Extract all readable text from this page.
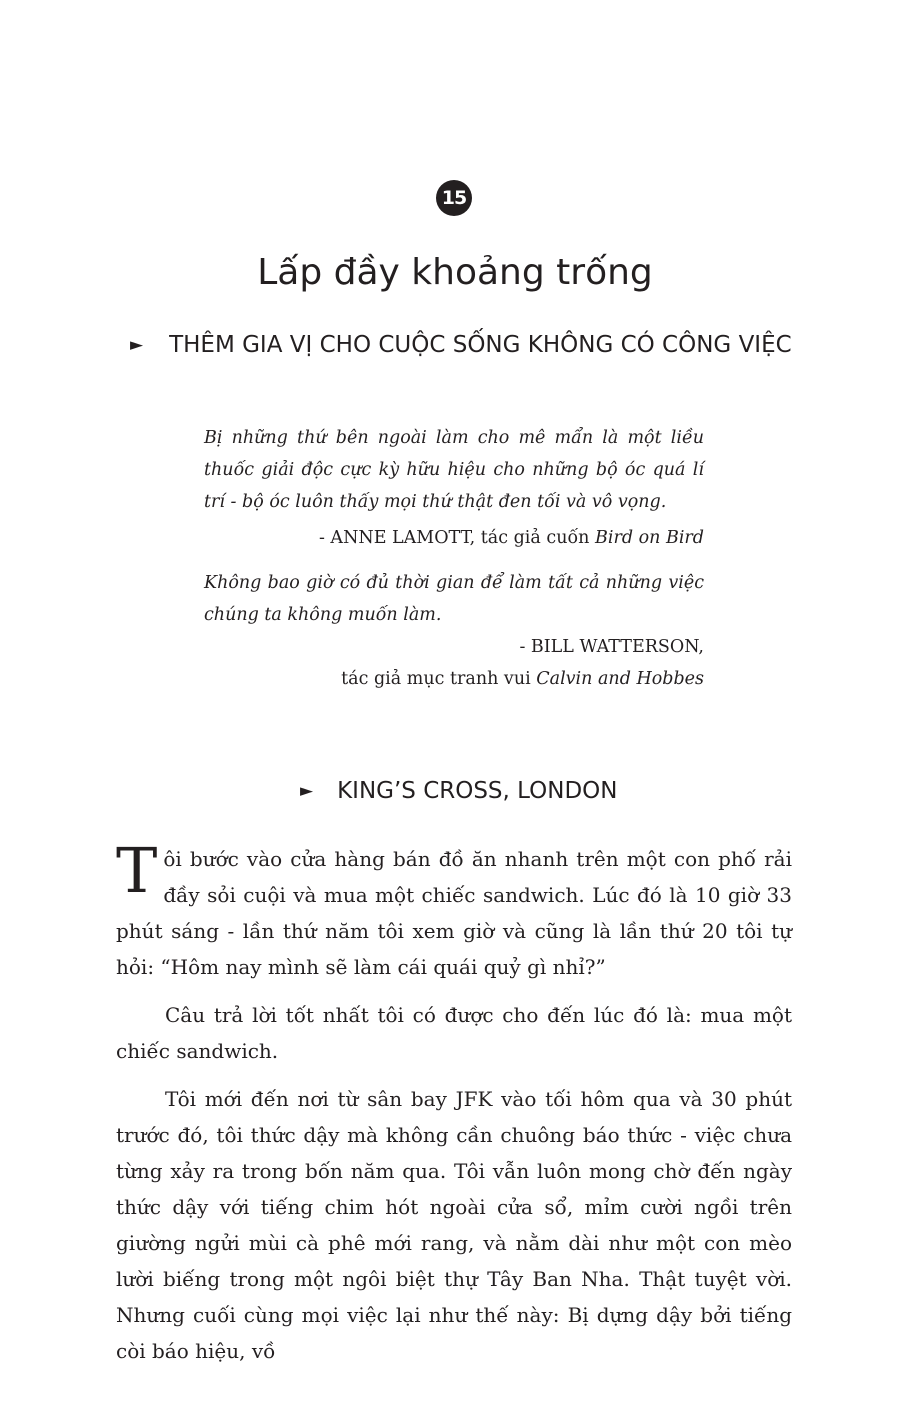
15
Lấp đầy khoảng trống
► THÊM GIA VỊ CHO CUỘC SỐNG KHÔNG CÓ CÔNG VIỆC
Bị những thứ bên ngoài làm cho mê mẩn là một liều thuốc giải độc cực kỳ hữu hiệu cho những bộ óc quá lí trí - bộ óc luôn thấy mọi thứ thật đen tối và vô vọng.
- ANNE LAMOTT, tác giả cuốn Bird on Bird
Không bao giờ có đủ thời gian để làm tất cả những việc chúng ta không muốn làm.
- BILL WATTERSON,
tác giả mục tranh vui Calvin and Hobbes
► KING’S CROSS, LONDON

Tôi bước vào cửa hàng bán đồ ăn nhanh trên một con phố rải đầy sỏi cuội và mua một chiếc sandwich. Lúc đó là 10 giờ 33 phút sáng - lần thứ năm tôi xem giờ và cũng là lần thứ 20 tôi tự hỏi: “Hôm nay mình sẽ làm cái quái quỷ gì nhỉ?”

Câu trả lời tốt nhất tôi có được cho đến lúc đó là: mua một chiếc sandwich.

Tôi mới đến nơi từ sân bay JFK vào tối hôm qua và 30 phút trước đó, tôi thức dậy mà không cần chuông báo thức - việc chưa từng xảy ra trong bốn năm qua. Tôi vẫn luôn mong chờ đến ngày thức dậy với tiếng chim hót ngoài cửa sổ, mỉm cười ngồi trên giường ngửi mùi cà phê mới rang, và nằm dài như một con mèo lười biếng trong một ngôi biệt thự Tây Ban Nha. Thật tuyệt vời. Nhưng cuối cùng mọi việc lại như thế này: Bị dựng dậy bởi tiếng còi báo hiệu, vồ
